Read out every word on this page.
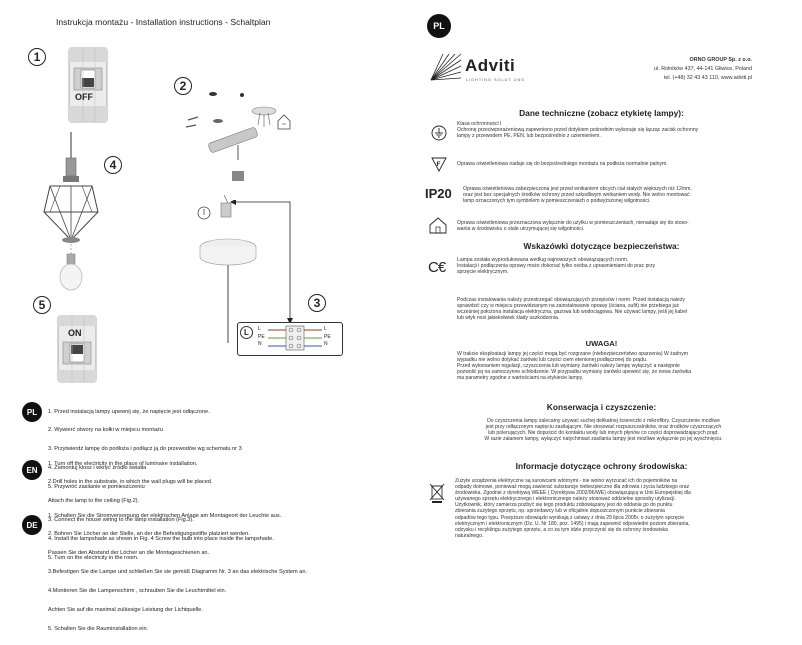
Instrukcja montażu - Installation instructions - Schaltplan
1
OFF
4
2
3
L	L
PE
N
L
PE
N
5
ON
PL

	1. Przed instalacją lampy upewnij się, że napięcie jest odłączone.

2. Wywierć otwory na kołki w miejscu montażu

3. Przytwierdź lampę do podłoża i podłącz ją do przewodów wg schematu nr 3

4. Zamontuj klosz i wkręć źródło światła

5. Przywróć zasilanie w pomieszczeniu

EN

1. Turn off the electricity in the place of luminaire installation.

2.Drill holes in the substrate, in which the wall plugs will be placed.

Attach the lamp to the ceiling (Fig.2).

3. Connect the house wiring to the lamp installation (Fig.3).

4. Install the lampshade as shown in Fig. 4 Screw the bulb into place inside the lampshade.

5. Turn on the electricity in the room.

DE

1. Schalten Sie die Stromversorgung der elektrischen Anlage am Montageort der Leuchte aus.

2. Bohren Sie Löcher an der Stelle, an der die Befestigungsstifte platziert werden.

Passen Sie den Abstand der Löcher an die Montageschienen an.

3.Befestigen Sie die Lampe und schließen Sie sie gemäß Diagramm Nr. 3 an das elektrische System an.

4.Montieren Sie die Lampenschirm , schrauben Sie die Leuchtmittel ein.

Achten Sie auf die maximal zulässige Leistung der Lichtquelle.

5. Schalten Sie die Rauminstallation ein.

PL
Adviti
LIGHTING SOLUT ONS
ORNO GROUP Sp. z o.o.
ul. Rolników 437, 44-141 Gliwice, Poland
tel. (+48) 32 43 43 110, www.adviti.pl
Dane techniczne (zobacz etykietę lampy):
Klasa ochronności I
Ochronę przeciwporażeniową zapewniono przed dotykiem pośrednim wykonuje się łącząc zacisk ochronny
lampy z przewodem PE, PEN, lub bezpośrednio z uziemieniem.
F	Oprawa oświetleniowa nadaje się do bezpośredniego montażu na podłoża normalnie palnym.
IP20 Oprawa oświetleniowa zabezpieczona jest przed wnikaniem obcych ciał stałych większych niż 12mm,
oraz jest bez specjalnych środków ochrony przed szkodliwym wnikaniem wody. Nie wolno montować
lamp oznaczonych tym symbolem w pomieszczeniach o podwyższonej wilgotności.
Oprawa oświetleniowa przeznaczona wyłącznie do użytku w pomieszczeniach, nienadaje się do stoso-
wania w środowisku o stale utrzymującej się wilgotności.
Wskazówki dotyczące bezpieczeństwa:
C€ Lampa została wyprodukowana według najnowszych obowiązujących norm.
Instalacji i podłączenia oprawy może dokonać tylko osoba z uprawnieniami do prac przy
sprzęcie elektrycznym.
Podczas instalowania należy przestrzegać obowiązujących przepisów i norm. Przed instalacją należy
sprawdzić czy w miejscu przewidzianym na zainstalowanie oprawy (ściana, sufit) nie przebiega już
wcześniej położona instalacja elektryczna, gazowa lub wodociągowa. Nie używać lampy, jeśli jej kabel
lub wtyk nosi jakiekolwiek ślady uszkodzenia.
UWAGA!
W trakcie eksploatacji lampy jej części mogą być rozgrzane (niebezpieczeństwo oparzenia) W żadnym
wypadku nie wolno dotykać żarówki lub części ciem etenionej podłączonej do prądu.
Przed wykonaniem regulacji, czyszczenia lub wymiany żarówki należy lampę wyłączyć a następnie
pozwolić jej na samoczynne schłodzenie. W przypadku wymiany żarówki upewnić się, że nowa żarówka
ma parametry zgodne z wartościami na etykiecie lampy.
Konserwacja i czyszczenie:
Do czyszczenia lampy zalecamy używać suchej delikatnej ściereczki z mikrofibry. Czyszczenie możliwe
jest przy odłączonym napięciu zasilającym. Nie stosować rozpuszczalników, oraz środków czyszczących
lub polerujących. Nie dopuścić do kontaktu wody lub innych płynów со części doprowadzających prąd.
W razie zalaniem lampy, wyłączyć natychmiast zasilania lampy jest możliwe wyłącznie po jej wyschnięciu.
Informacje dotyczące ochrony środowiska:
Zużyte urządzenia elektryczne są surowcami wtórnymi - nie wolno wyrzucać ich do pojemników na
odpady domowe, ponieważ mogą zawierać substancje niebezpieczne dla zdrowia i życia ludzkiego oraz
środowiska. Zgodnie z dyrektywą WEEE ( Dyrektywa 2002/96/WE) obowiązującą w Unii Europejskiej dla
używanego sprzętu elektrycznego i elektronicznego należy stosować oddzielne sposoby utylizacji.
Użytkownik, który zamierza pozbyć się tego produktu zobowiązany jest do oddania go do punktu
zbierania zużytego sprzętu, np. sprzedawcy lub w oficjalnie dopuszczonym punkcie zbierania
odpadów tego typu. Powyższe obowiązki wynikają z ustawy z dnia 29 lipca 2005r. o zużytym sprzęcie
elektrycznym i elektronicznym (Dz. U. Nr 180, poz. 1495) i mają zapewnić odpowiedni poziom zbierania,
odzysku i recyklingu zużytego sprzętu, a co za tym idzie przyczynić się do ochrony środowiska
naturalnego.
